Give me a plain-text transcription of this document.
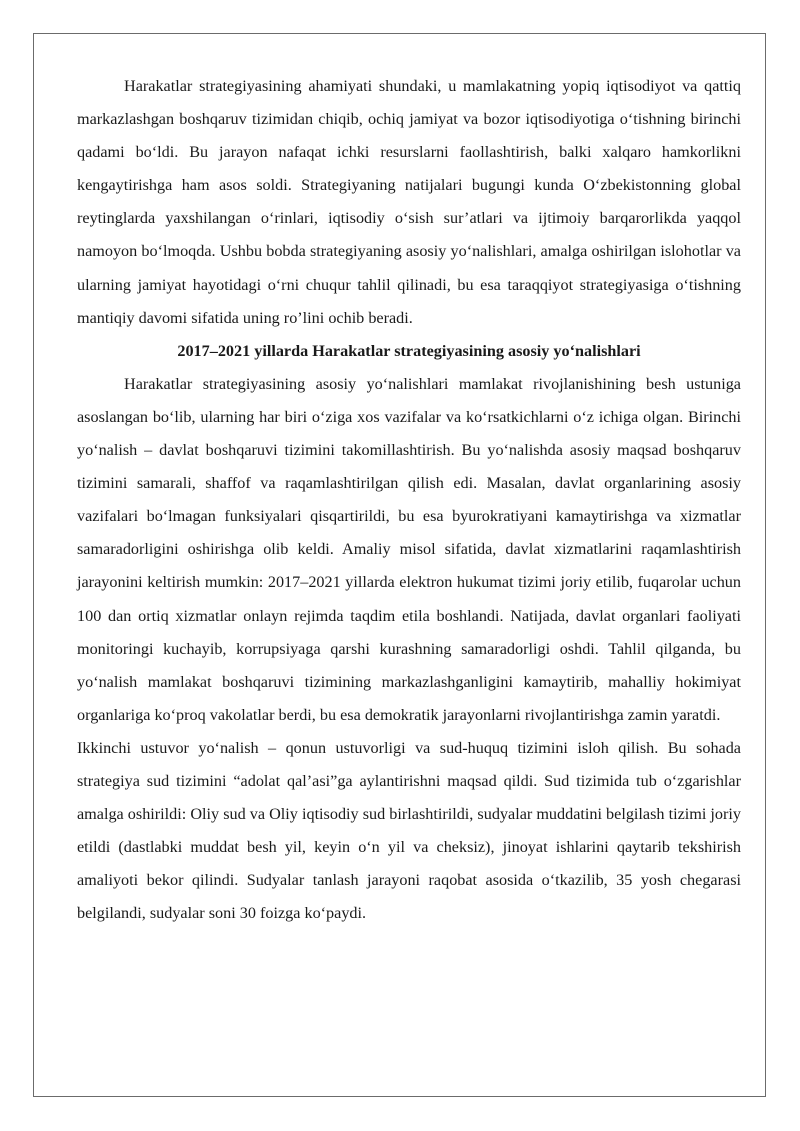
Harakatlar strategiyasining ahamiyati shundaki, u mamlakatning yopiq iqtisodiyot va qattiq markazlashgan boshqaruv tizimidan chiqib, ochiq jamiyat va bozor iqtisodiyotiga o‘tishning birinchi qadami bo‘ldi. Bu jarayon nafaqat ichki resurslarni faollashtirish, balki xalqaro hamkorlikni kengaytirishga ham asos soldi. Strategiyaning natijalari bugungi kunda O‘zbekistonning global reytinglarda yaxshilangan o‘rinlari, iqtisodiy o‘sish sur’atlari va ijtimoiy barqarorlikda yaqqol namoyon bo‘lmoqda. Ushbu bobda strategiyaning asosiy yo‘nalishlari, amalga oshirilgan islohotlar va ularning jamiyat hayotidagi o‘rni chuqur tahlil qilinadi, bu esa taraqqiyot strategiyasiga o‘tishning mantiqiy davomi sifatida uning ro’lini ochib beradi.

2017–2021 yillarda Harakatlar strategiyasining asosiy yo‘nalishlari

Harakatlar strategiyasining asosiy yo‘nalishlari mamlakat rivojlanishining besh ustuniga asoslangan bo‘lib, ularning har biri o‘ziga xos vazifalar va ko‘rsatkichlarni o‘z ichiga olgan. Birinchi yo‘nalish – davlat boshqaruvi tizimini takomillashtirish. Bu yo‘nalishda asosiy maqsad boshqaruv tizimini samarali, shaffof va raqamlashtirilgan qilish edi. Masalan, davlat organlarining asosiy vazifalari bo‘lmagan funksiyalari qisqartirildi, bu esa byurokratiyani kamaytirishga va xizmatlar samaradorligini oshirishga olib keldi. Amaliy misol sifatida, davlat xizmatlarini raqamlashtirish jarayonini keltirish mumkin: 2017–2021 yillarda elektron hukumat tizimi joriy etilib, fuqarolar uchun 100 dan ortiq xizmatlar onlayn rejimda taqdim etila boshlandi. Natijada, davlat organlari faoliyati monitoringi kuchayib, korrupsiyaga qarshi kurashning samaradorligi oshdi. Tahlil qilganda, bu yo‘nalish mamlakat boshqaruvi tizimining markazlashganligini kamaytirib, mahalliy hokimiyat organlariga ko‘proq vakolatlar berdi, bu esa demokratik jarayonlarni rivojlantirishga zamin yaratdi.

Ikkinchi ustuvor yo‘nalish – qonun ustuvorligi va sud-huquq tizimini isloh qilish. Bu sohada strategiya sud tizimini “adolat qal’asi”ga aylantirishni maqsad qildi. Sud tizimida tub o‘zgarishlar amalga oshirildi: Oliy sud va Oliy iqtisodiy sud birlashtirildi, sudyalar muddatini belgilash tizimi joriy etildi (dastlabki muddat besh yil, keyin o‘n yil va cheksiz), jinoyat ishlarini qaytarib tekshirish amaliyoti bekor qilindi. Sudyalar tanlash jarayoni raqobat asosida o‘tkazilib, 35 yosh chegarasi belgilandi, sudyalar soni 30 foizga ko‘paydi.
